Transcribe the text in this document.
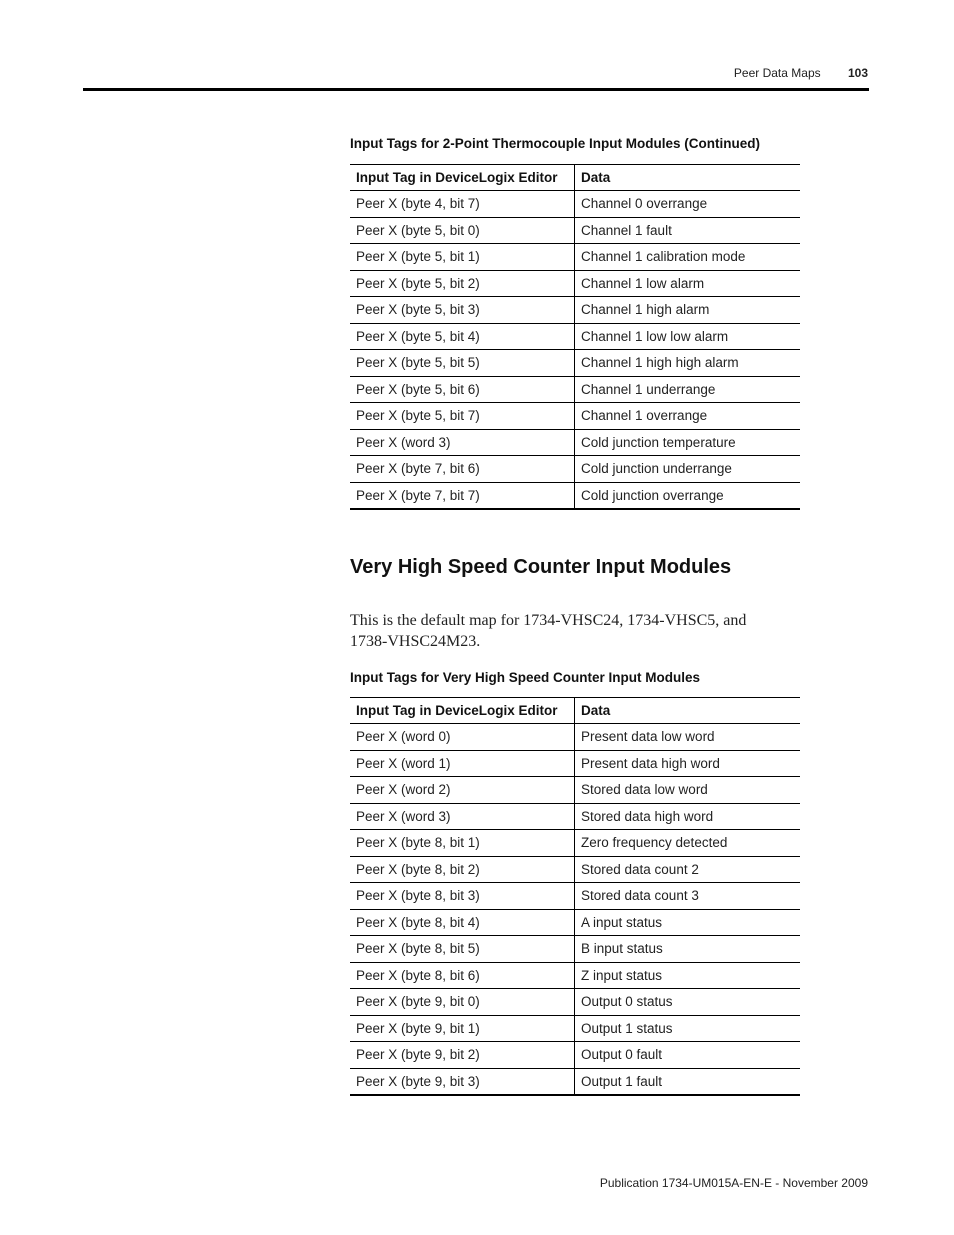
Peer Data Maps 103
Input Tags for 2-Point Thermocouple Input Modules (Continued)
Input Tag in DeviceLogix Editor	Data
Peer X (byte 4, bit 7)	Channel 0 overrange
Peer X (byte 5, bit 0)	Channel 1 fault
Peer X (byte 5, bit 1)	Channel 1 calibration mode
Peer X (byte 5, bit 2)	Channel 1 low alarm
Peer X (byte 5, bit 3)	Channel 1 high alarm
Peer X (byte 5, bit 4)	Channel 1 low low alarm
Peer X (byte 5, bit 5)	Channel 1 high high alarm
Peer X (byte 5, bit 6)	Channel 1 underrange
Peer X (byte 5, bit 7)	Channel 1 overrange
Peer X (word 3)	Cold junction temperature
Peer X (byte 7, bit 6)	Cold junction underrange
Peer X (byte 7, bit 7)	Cold junction overrange
Very High Speed Counter Input Modules
This is the default map for 1734-VHSC24, 1734-VHSC5, and 1738-VHSC24M23.
Input Tags for Very High Speed Counter Input Modules
Input Tag in DeviceLogix Editor	Data
Peer X (word 0)	Present data low word
Peer X (word 1)	Present data high word
Peer X (word 2)	Stored data low word
Peer X (word 3)	Stored data high word
Peer X (byte 8, bit 1)	Zero frequency detected
Peer X (byte 8, bit 2)	Stored data count 2
Peer X (byte 8, bit 3)	Stored data count 3
Peer X (byte 8, bit 4)	A input status
Peer X (byte 8, bit 5)	B input status
Peer X (byte 8, bit 6)	Z input status
Peer X (byte 9, bit 0)	Output 0 status
Peer X (byte 9, bit 1)	Output 1 status
Peer X (byte 9, bit 2)	Output 0 fault
Peer X (byte 9, bit 3)	Output 1 fault
Publication 1734-UM015A-EN-E - November 2009
